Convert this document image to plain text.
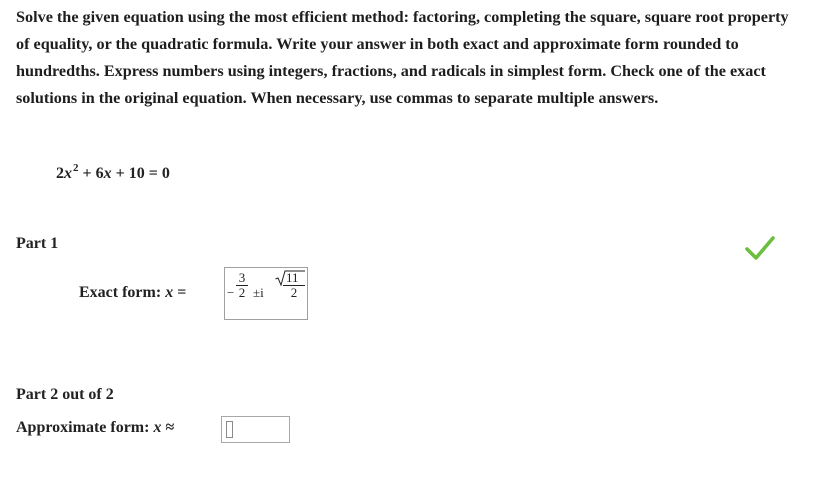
Solve the given equation using the most efficient method: factoring, completing the square, square root property of equality, or the quadratic formula. Write your answer in both exact and approximate form rounded to hundredths. Express numbers using integers, fractions, and radicals in simplest form. Check one of the exact solutions in the original equation. When necessary, use commas to separate multiple answers.
$2x^2 + 6x + 10 = 0$
Part 1
Exact form: x =	−
3
2 ±i
11
2
Part 2 out of 2
Approximate form: x ≈
